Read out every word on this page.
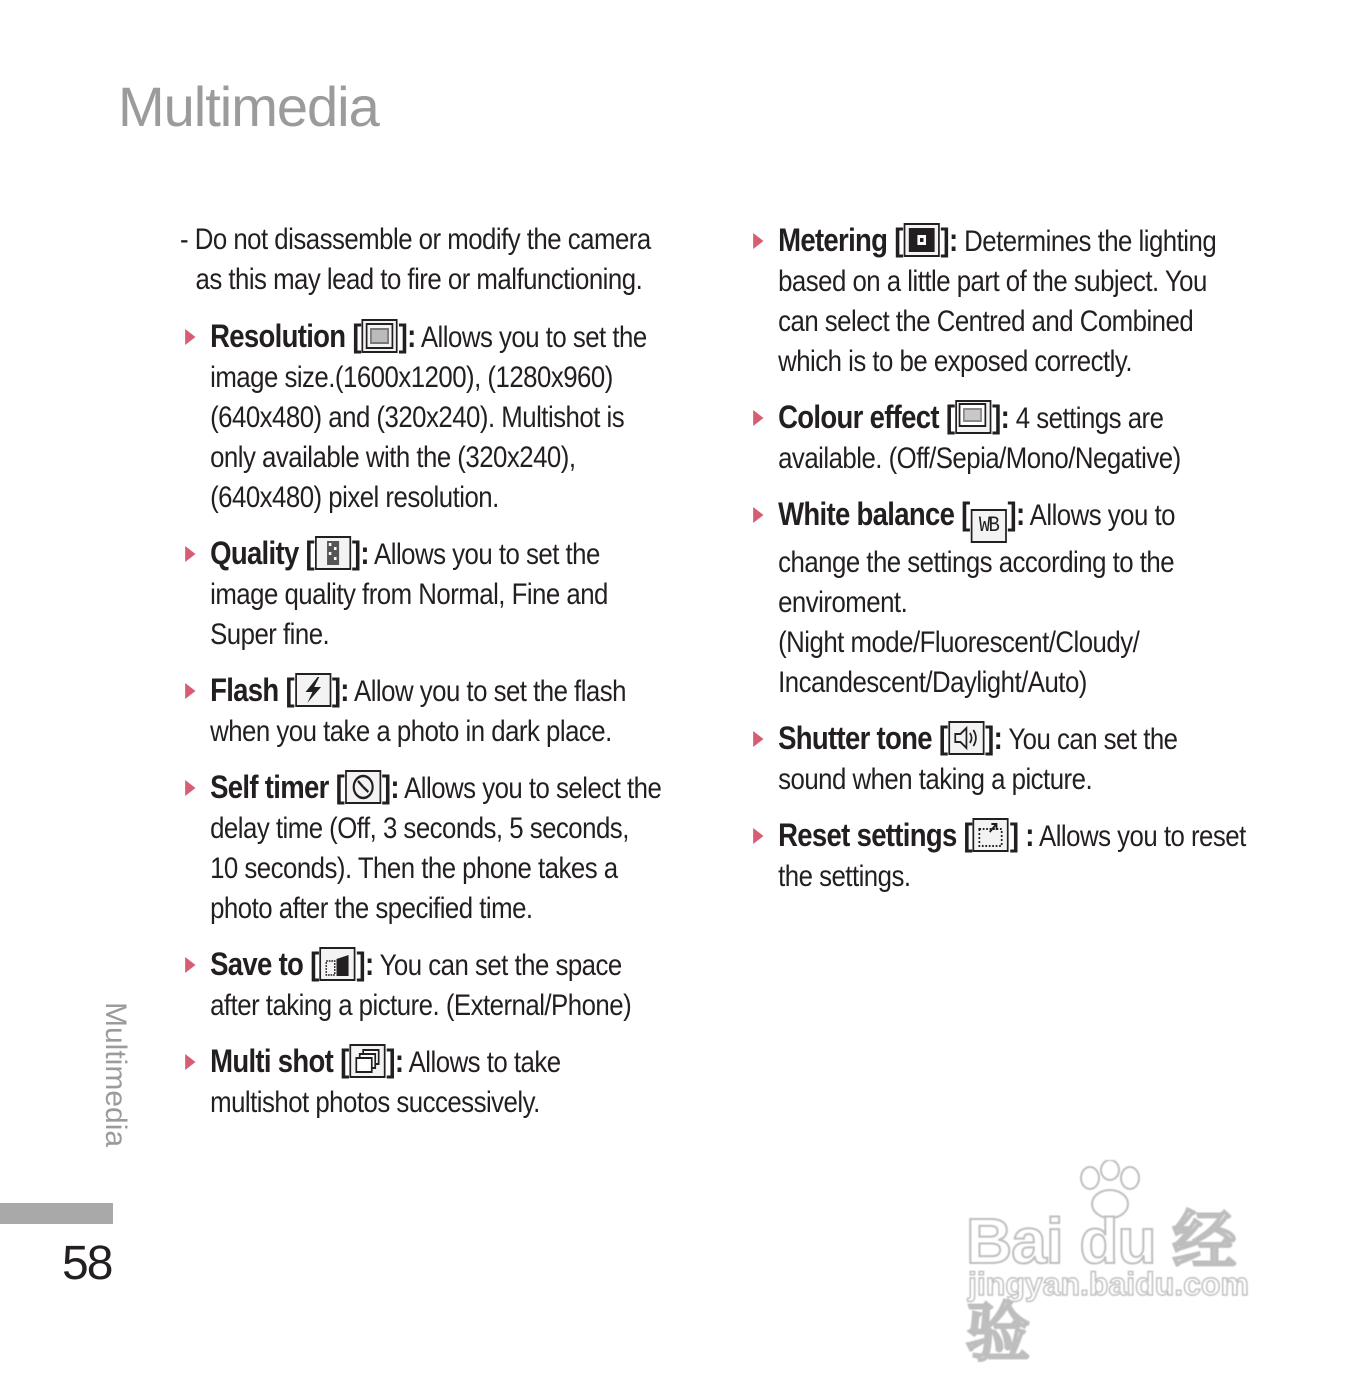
Multimedia
Multimedia
58

- Do not disassemble or modify the camera as this may lead to fire or malfunctioning.

Resolution [ ]: Allows you to set the image size.(1600x1200), (1280x960) (640x480) and (320x240). Multishot is only available with the (320x240), (640x480) pixel resolution.
Quality [ ]: Allows you to set the image quality from Normal, Fine and Super fine.
Flash [ ]: Allow you to set the flash when you take a photo in dark place.
Self timer [ ]: Allows you to select the delay time (Off, 3 seconds, 5 seconds, 10 seconds). Then the phone takes a photo after the specified time.
Save to [ ]: You can set the space after taking a picture. (External/Phone)
Multi shot [ ]: Allows to take multishot photos successively.
Metering [ ]: Determines the lighting based on a little part of the subject. You can select the Centred and Combined which is to be exposed correctly.
Colour effect [ ]: 4 settings are available. (Off/Sepia/Mono/Negative)
White balance [ WB ]: Allows you to change the settings according to the enviroment.
(Night mode/Fluorescent/Cloudy/ Incandescent/Daylight/Auto)
Shutter tone [ ]: You can set the sound when taking a picture.
Reset settings [ ] : Allows you to reset the settings.
Bai du 经验
jingyan.baidu.com
